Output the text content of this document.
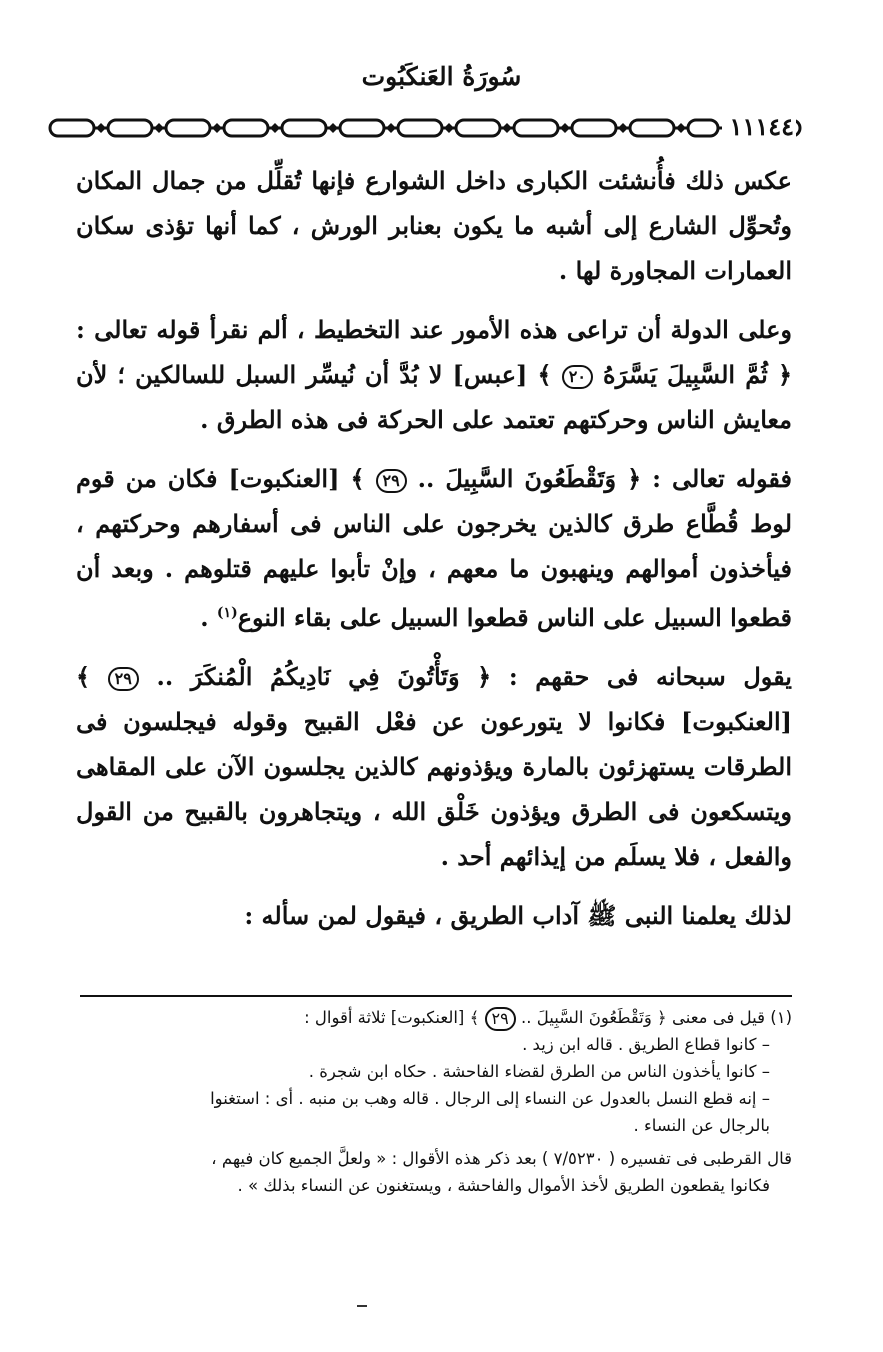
سُورَةُ العَنكَبُوت
١١١٤٤

عكس ذلك فأُنشئت الكبارى داخل الشوارع فإنها تُقلِّل من جمال المكان وتُحوِّل الشارع إلى أشبه ما يكون بعنابر الورش ، كما أنها تؤذى سكان العمارات المجاورة لها .

وعلى الدولة أن تراعى هذه الأمور عند التخطيط ، ألم نقرأ قوله تعالى : ﴿ ثُمَّ السَّبِيلَ يَسَّرَهُ ٢٠ ﴾ [عبس] لا بُدَّ أن نُيسِّر السبل للسالكين ؛ لأن معايش الناس وحركتهم تعتمد على الحركة فى هذه الطرق .

فقوله تعالى : ﴿ وَتَقْطَعُونَ السَّبِيلَ .. ٢٩ ﴾ [العنكبوت] فكان من قوم لوط قُطَّاع طرق كالذين يخرجون على الناس فى أسفارهم وحركتهم ، فيأخذون أموالهم وينهبون ما معهم ، وإنْ تأبوا عليهم قتلوهم . وبعد أن قطعوا السبيل على الناس قطعوا السبيل على بقاء النوع$^{(١)}$ .

يقول سبحانه فى حقهم : ﴿ وَتَأْتُونَ فِي نَادِيكُمُ الْمُنكَرَ .. ٢٩ ﴾ [العنكبوت] فكانوا لا يتورعون عن فعْل القبيح وقوله فيجلسون فى الطرقات يستهزئون بالمارة ويؤذونهم كالذين يجلسون الآن على المقاهى ويتسكعون فى الطرق ويؤذون خَلْق الله ، ويتجاهرون بالقبيح من القول والفعل ، فلا يسلَم من إيذائهم أحد .

لذلك يعلمنا النبى ﷺ آداب الطريق ، فيقول لمن سأله :

(١) قيل فى معنى ﴿ وَتَقْطَعُونَ السَّبِيلَ .. ٢٩ ﴾ [العنكبوت] ثلاثة أقوال :

– كانوا قطاع الطريق . قاله ابن زيد .

– كانوا يأخذون الناس من الطرق لقضاء الفاحشة . حكاه ابن شجرة .

– إنه قطع النسل بالعدول عن النساء إلى الرجال . قاله وهب بن منبه . أى : استغنوا

بالرجال عن النساء .

قال القرطبى فى تفسيره ( ٧/٥٢٣٠ ) بعد ذكر هذه الأقوال : « ولعلَّ الجميع كان فيهم ،

فكانوا يقطعون الطريق لأخذ الأموال والفاحشة ، ويستغنون عن النساء بذلك » .
